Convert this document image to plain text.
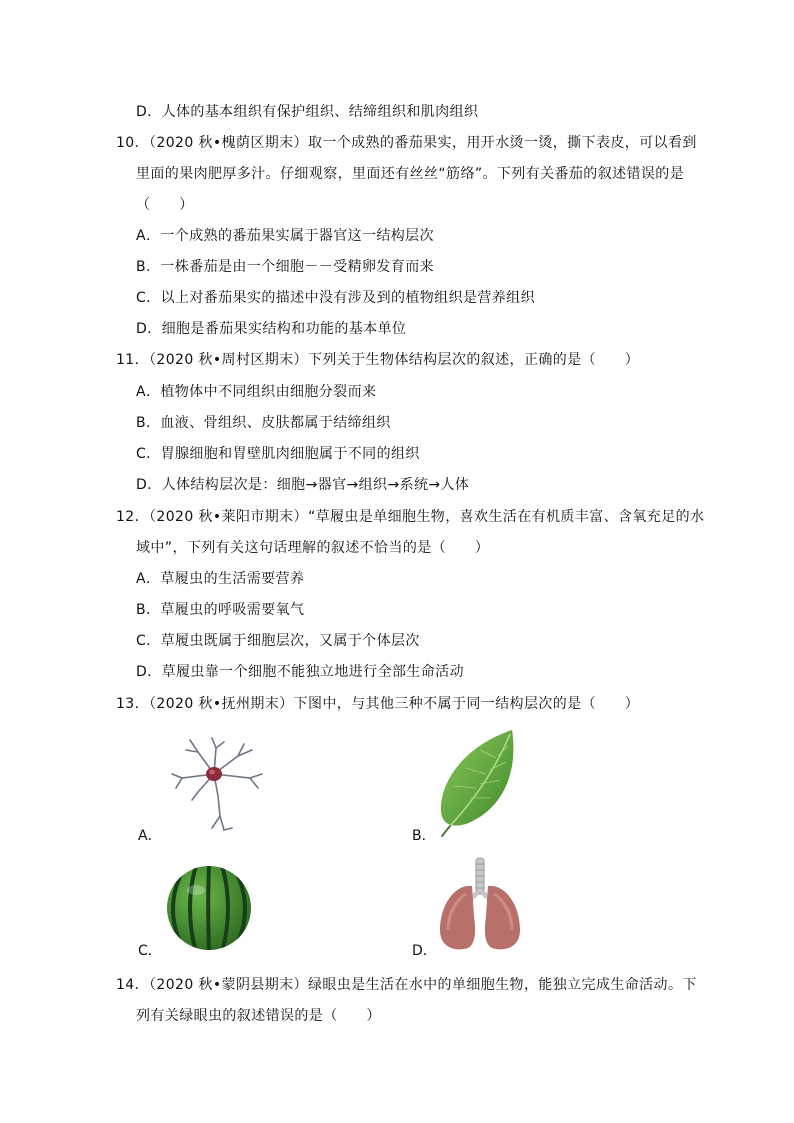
D．人体的基本组织有保护组织、结缔组织和肌肉组织
10．（2020 秋•槐荫区期末）取一个成熟的番茄果实，用开水烫一烫，撕下表皮，可以看到
里面的果肉肥厚多汁。仔细观察，里面还有丝丝“筋络”。下列有关番茄的叙述错误的是
（　　）
A．一个成熟的番茄果实属于器官这一结构层次
B．一株番茄是由一个细胞－－受精卵发育而来
C．以上对番茄果实的描述中没有涉及到的植物组织是营养组织
D．细胞是番茄果实结构和功能的基本单位
11．（2020 秋•周村区期末）下列关于生物体结构层次的叙述，正确的是（　　）
A．植物体中不同组织由细胞分裂而来
B．血液、骨组织、皮肤都属于结缔组织
C．胃腺细胞和胃壁肌肉细胞属于不同的组织
D．人体结构层次是：细胞→器官→组织→系统→人体
12．（2020 秋•莱阳市期末）“草履虫是单细胞生物，喜欢生活在有机质丰富、含氧充足的水
域中”，下列有关这句话理解的叙述不恰当的是（　　）
A．草履虫的生活需要营养
B．草履虫的呼吸需要氧气
C．草履虫既属于细胞层次，又属于个体层次
D．草履虫靠一个细胞不能独立地进行全部生命活动
13．（2020 秋•抚州期末）下图中，与其他三种不属于同一结构层次的是（　　）
A．	B．
C．	D．
14．（2020 秋•蒙阴县期末）绿眼虫是生活在水中的单细胞生物，能独立完成生命活动。下
列有关绿眼虫的叙述错误的是（　　）
